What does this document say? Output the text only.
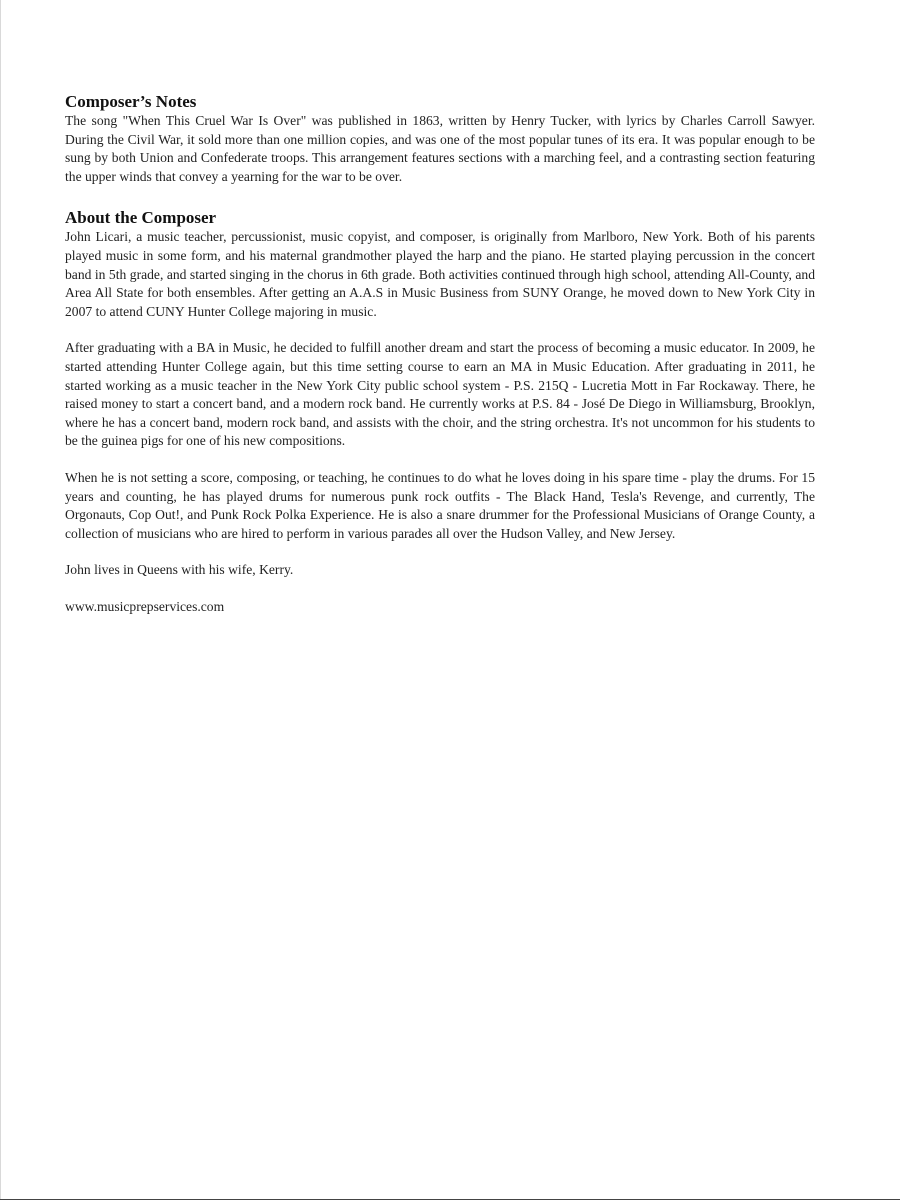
Composer’s Notes

The song "When This Cruel War Is Over" was published in 1863, written by Henry Tucker, with lyrics by Charles Carroll Sawyer. During the Civil War, it sold more than one million copies, and was one of the most popular tunes of its era. It was popular enough to be sung by both Union and Confederate troops. This arrangement features sections with a marching feel, and a contrasting section featuring the upper winds that convey a yearning for the war to be over.

About the Composer

John Licari, a music teacher, percussionist, music copyist, and composer, is originally from Marlboro, New York. Both of his parents played music in some form, and his maternal grandmother played the harp and the piano. He started playing percussion in the concert band in 5th grade, and started singing in the chorus in 6th grade. Both activities continued through high school, attending All-County, and Area All State for both ensembles. After getting an A.A.S in Music Business from SUNY Orange, he moved down to New York City in 2007 to attend CUNY Hunter College majoring in music.

After graduating with a BA in Music, he decided to fulfill another dream and start the process of becoming a music educator. In 2009, he started attending Hunter College again, but this time setting course to earn an MA in Music Education. After graduating in 2011, he started working as a music teacher in the New York City public school system - P.S. 215Q - Lucretia Mott in Far Rockaway. There, he raised money to start a concert band, and a modern rock band. He currently works at P.S. 84 - José De Diego in Williamsburg, Brooklyn, where he has a concert band, modern rock band, and assists with the choir, and the string orchestra. It's not uncommon for his students to be the guinea pigs for one of his new compositions.

When he is not setting a score, composing, or teaching, he continues to do what he loves doing in his spare time - play the drums. For 15 years and counting, he has played drums for numerous punk rock outfits - The Black Hand, Tesla's Revenge, and currently, The Orgonauts, Cop Out!, and Punk Rock Polka Experience. He is also a snare drummer for the Professional Musicians of Orange County, a collection of musicians who are hired to perform in various parades all over the Hudson Valley, and New Jersey.

John lives in Queens with his wife, Kerry.

www.musicprepservices.com
